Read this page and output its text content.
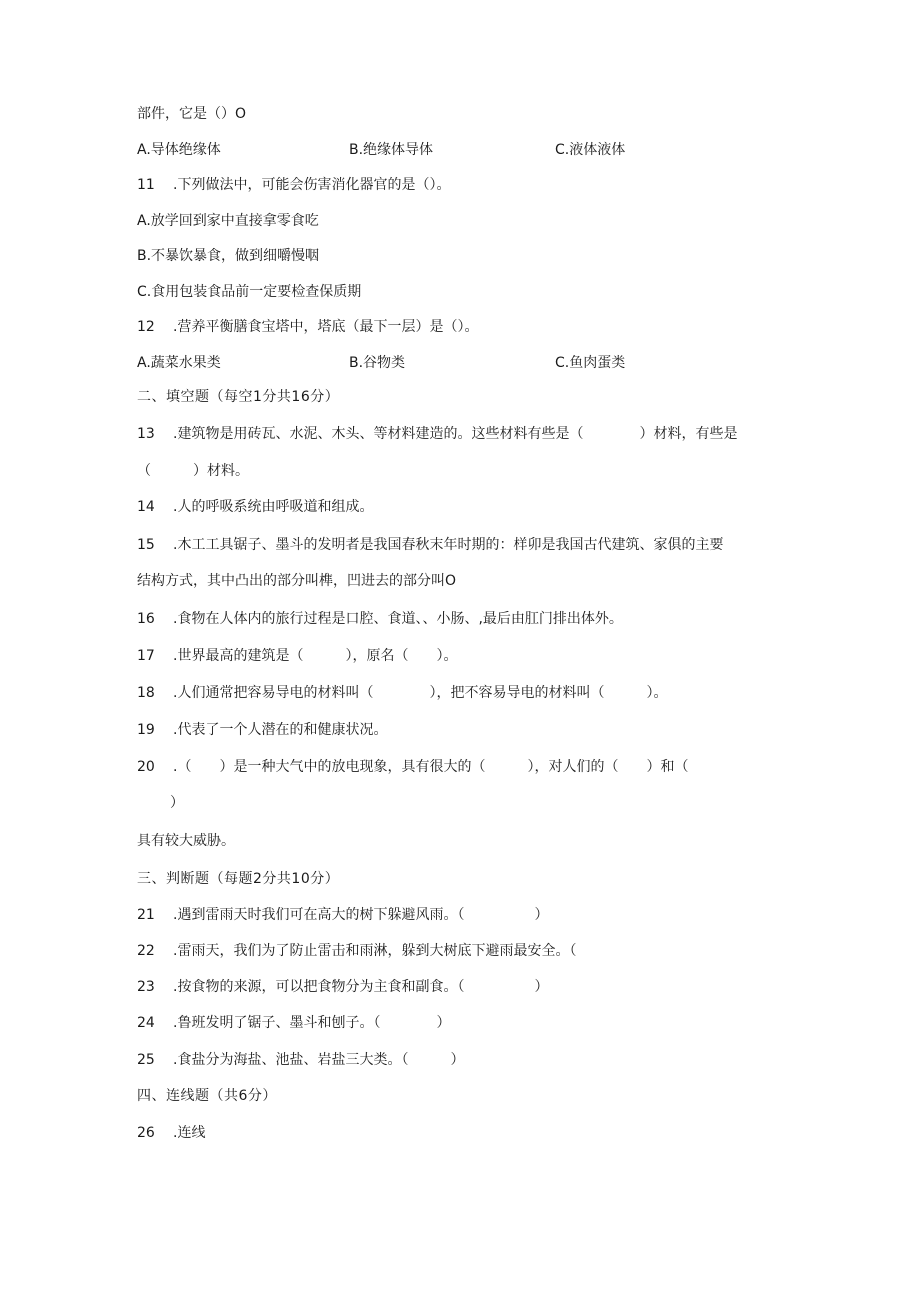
部件，它是（）O
A.导体绝缘体	B.绝缘体导体	C.液体液体
11 .下列做法中，可能会伤害消化器官的是（）。
A.放学回到家中直接拿零食吃
B.不暴饮暴食，做到细嚼慢咽
C.食用包装食品前一定要检查保质期
12 .营养平衡膳食宝塔中，塔底（最下一层）是（）。
A.蔬菜水果类	B.谷物类	C.鱼肉蛋类
二、填空题（每空1分共16分）
13 .建筑物是用砖瓦、水泥、木头、等材料建造的。这些材料有些是（　　　　）材料，有些是
（　　　）材料。
14 .人的呼吸系统由呼吸道和组成。
15 .木工工具锯子、墨斗的发明者是我国春秋末年时期的：样卯是我国古代建筑、家俱的主要
结构方式，其中凸出的部分叫榫，凹进去的部分叫O
16 .食物在人体内的旅行过程是口腔、食道、、小肠、,最后由肛门排出体外。
17 .世界最高的建筑是（　　　），原名（　　）。
18 .人们通常把容易导电的材料叫（　　　　），把不容易导电的材料叫（　　　）。
19 .代表了一个人潜在的和健康状况。
20 .（　　）是一种大气中的放电现象，具有很大的（　　　），对人们的（　　）和（
）
具有较大威胁。
三、判断题（每题2分共10分）
21 .遇到雷雨天时我们可在高大的树下躲避风雨。（　　　　　）
22 .雷雨天，我们为了防止雷击和雨淋，躲到大树底下避雨最安全。（
23 .按食物的来源，可以把食物分为主食和副食。（　　　　　）
24 .鲁班发明了锯子、墨斗和刨子。（　　　　）
25 .食盐分为海盐、池盐、岩盐三大类。（　　　）
四、连线题（共6分）
26 .连线
